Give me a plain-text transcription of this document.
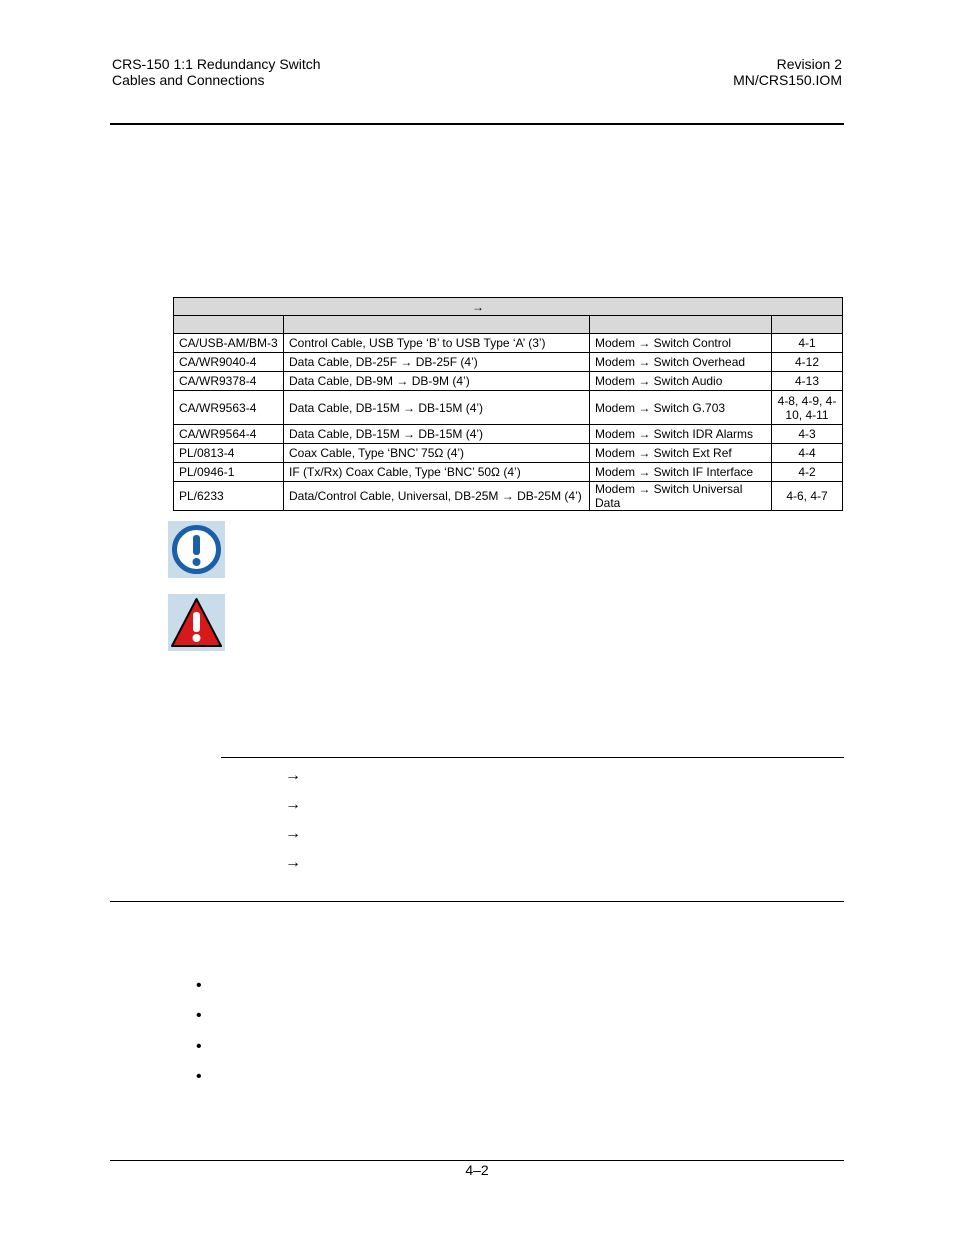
CRS-150 1:1 Redundancy Switch
Cables and Connections
Revision 2
MN/CRS150.IOM
→			

CA/USB-AM/BM-3	Control Cable, USB Type ‘B’ to USB Type ‘A’ (3’)	Modem → Switch Control	4-1
CA/WR9040-4	Data Cable, DB-25F → DB-25F (4’)	Modem → Switch Overhead	4-12
CA/WR9378-4	Data Cable, DB-9M → DB-9M (4’)	Modem → Switch Audio	4-13
CA/WR9563-4	Data Cable, DB-15M → DB-15M (4’)	Modem → Switch G.703	4-8, 4-9, 4-10, 4-11
CA/WR9564-4	Data Cable, DB-15M → DB-15M (4’)	Modem → Switch IDR Alarms	4-3
PL/0813-4	Coax Cable, Type ‘BNC’ 75Ω (4’)	Modem → Switch Ext Ref	4-4
PL/0946-1	IF (Tx/Rx) Coax Cable, Type ‘BNC’ 50Ω (4’)	Modem → Switch IF Interface	4-2
PL/6233	Data/Control Cable, Universal, DB-25M → DB-25M (4’)	Modem → Switch Universal Data	4-6, 4-7
→
→
→
→
•
•
•
•
4–2
